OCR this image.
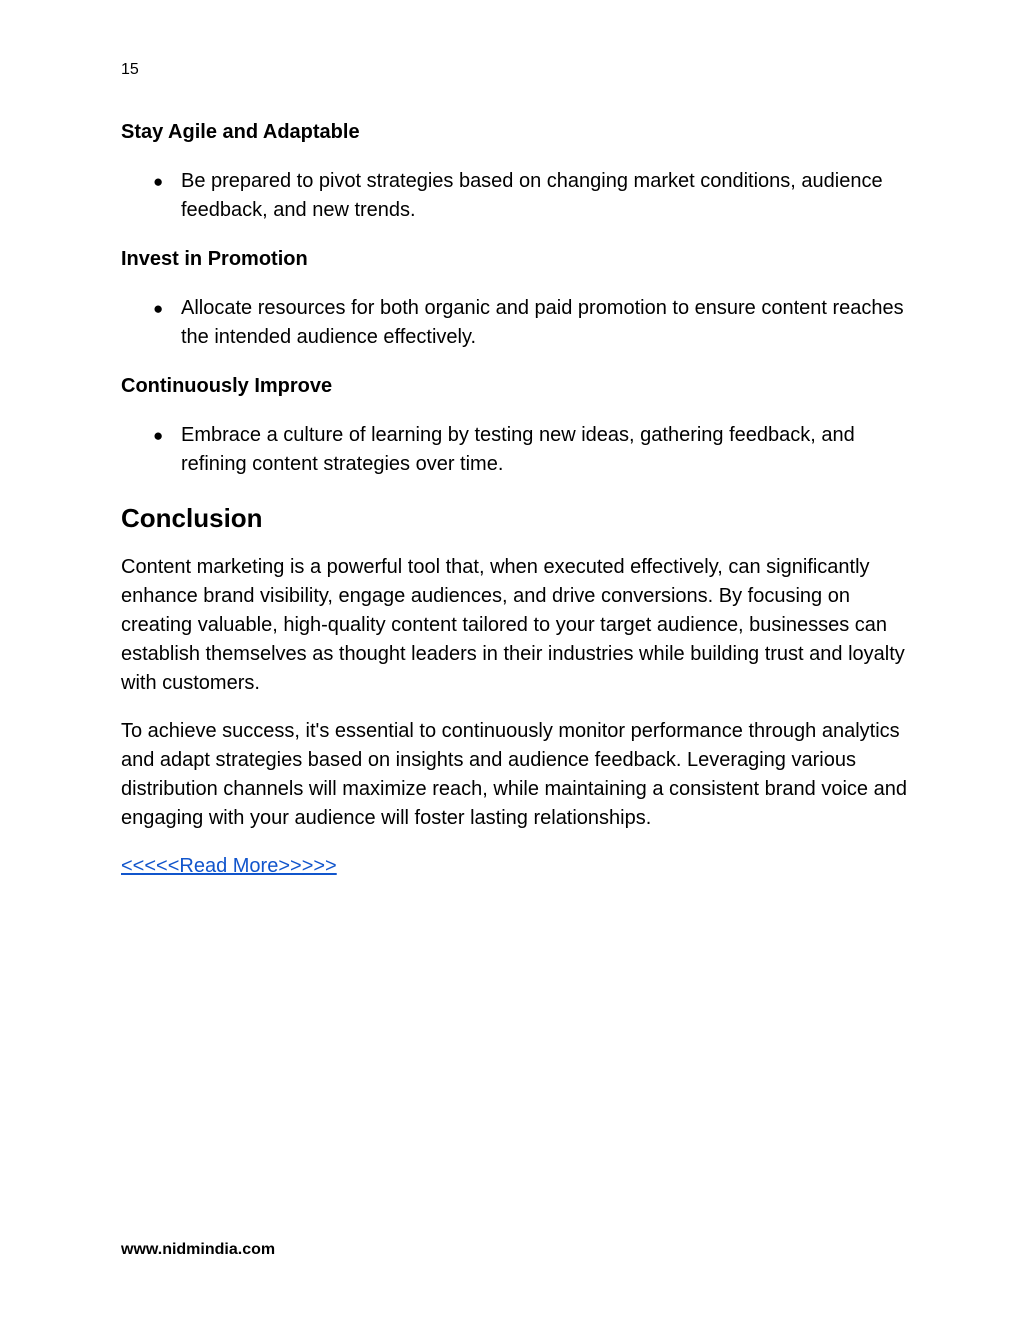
15
Stay Agile and Adaptable
● Be prepared to pivot strategies based on changing market conditions, audience feedback, and new trends.
Invest in Promotion
● Allocate resources for both organic and paid promotion to ensure content reaches the intended audience effectively.
Continuously Improve
● Embrace a culture of learning by testing new ideas, gathering feedback, and refining content strategies over time.
Conclusion

Content marketing is a powerful tool that, when executed effectively, can significantly enhance brand visibility, engage audiences, and drive conversions. By focusing on creating valuable, high-quality content tailored to your target audience, businesses can establish themselves as thought leaders in their industries while building trust and loyalty with customers.

To achieve success, it's essential to continuously monitor performance through analytics and adapt strategies based on insights and audience feedback. Leveraging various distribution channels will maximize reach, while maintaining a consistent brand voice and engaging with your audience will foster lasting relationships.

<<<<<Read More>>>>>
www.nidmindia.com
